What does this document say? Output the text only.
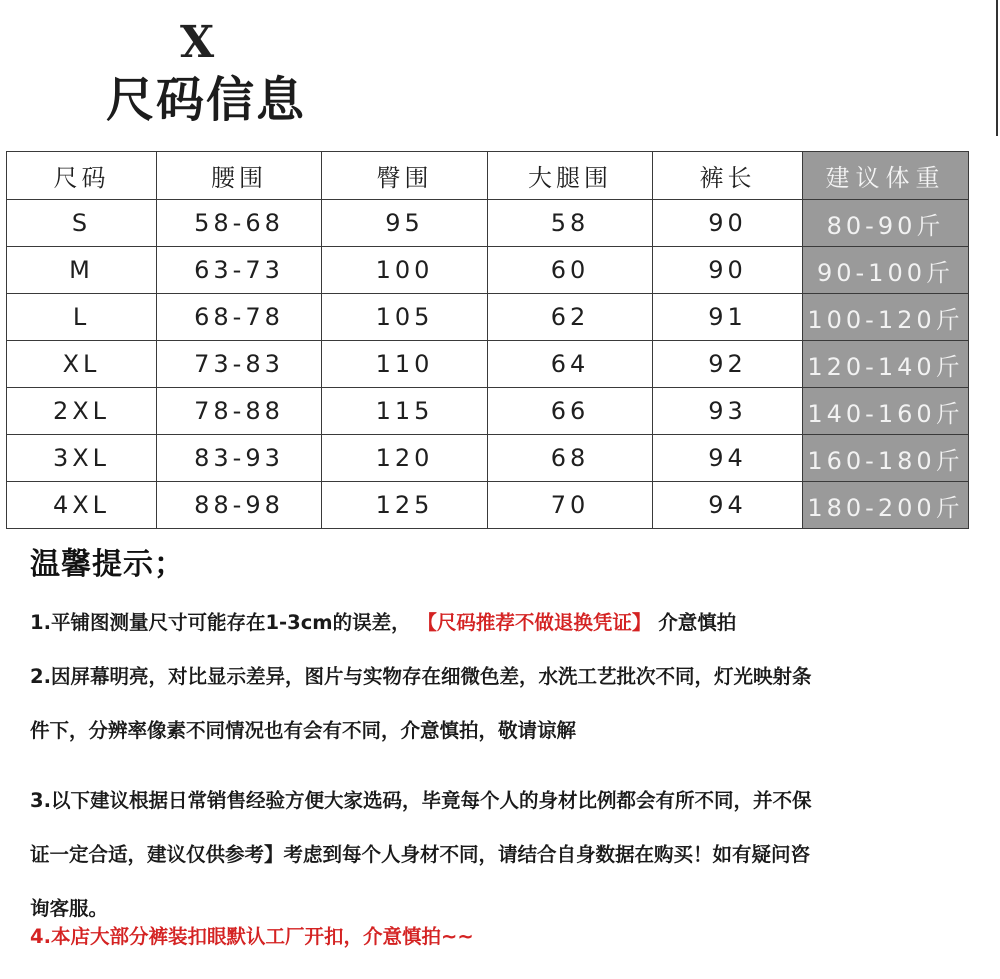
X
尺码信息
尺码	腰围	臀围	大腿围	裤长	建议体重
S	58-68	95	58	90	80-90斤
M	63-73	100	60	90	90-100斤
L	68-78	105	62	91	100-120斤
XL	73-83	110	64	92	120-140斤
2XL	78-88	115	66	93	140-160斤
3XL	83-93	120	68	94	160-180斤
4XL	88-98	125	70	94	180-200斤
温馨提示；
1.平铺图测量尺寸可能存在1-3cm的误差， 【尺码推荐不做退换凭证】 介意慎拍
2.因屏幕明亮，对比显示差异，图片与实物存在细微色差，水洗工艺批次不同，灯光映射条
件下，分辨率像素不同情况也有会有不同，介意慎拍，敬请谅解
3.以下建议根据日常销售经验方便大家选码，毕竟每个人的身材比例都会有所不同，并不保
证一定合适，建议仅供参考】考虑到每个人身材不同，请结合自身数据在购买！如有疑问咨
询客服。
4.本店大部分裤装扣眼默认工厂开扣，介意慎拍~~
